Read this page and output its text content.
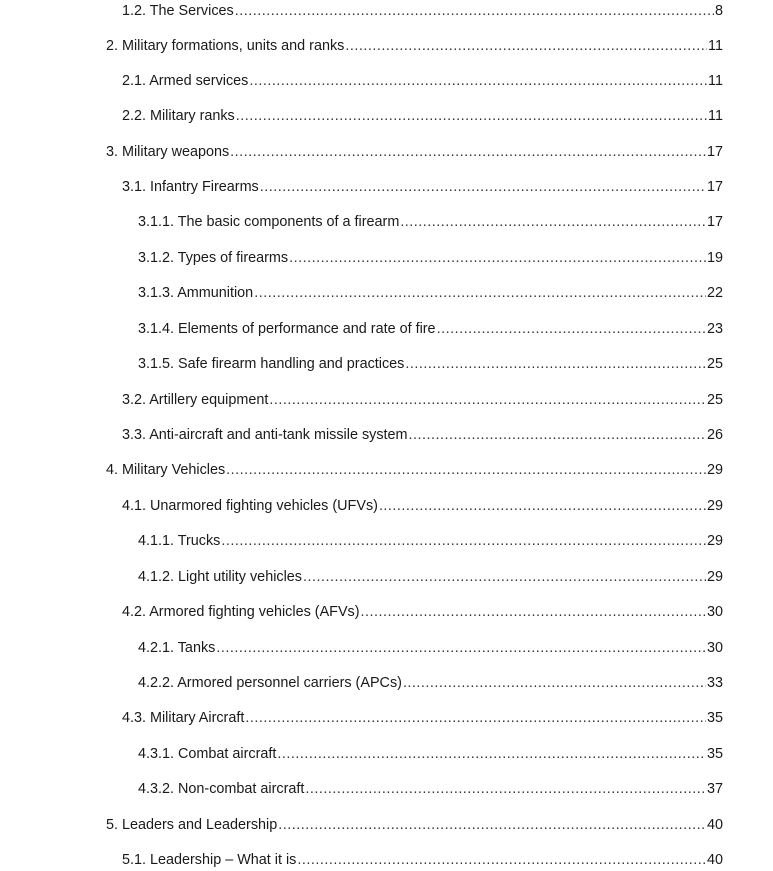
1.2. The Services .....	8
2. Military formations, units and ranks .....	11
2.1. Armed services .....	11
2.2. Military ranks .....	11
3. Military weapons .....	17
3.1. Infantry Firearms .....	17
3.1.1. The basic components of a firearm .....	17
3.1.2. Types of firearms .....	19
3.1.3. Ammunition .....	22
3.1.4. Elements of performance and rate of fire .....	23
3.1.5. Safe firearm handling and practices .....	25
3.2. Artillery equipment .....	25
3.3. Anti-aircraft and anti-tank missile system .....	26
4. Military Vehicles .....	29
4.1. Unarmored fighting vehicles (UFVs) .....	29
4.1.1. Trucks .....	29
4.1.2. Light utility vehicles .....	29
4.2. Armored fighting vehicles (AFVs) .....	30
4.2.1. Tanks .....	30
4.2.2. Armored personnel carriers (APCs) .....	33
4.3. Military Aircraft .....	35
4.3.1. Combat aircraft .....	35
4.3.2. Non-combat aircraft .....	37
5. Leaders and Leadership .....	40
5.1. Leadership – What it is .....	40
